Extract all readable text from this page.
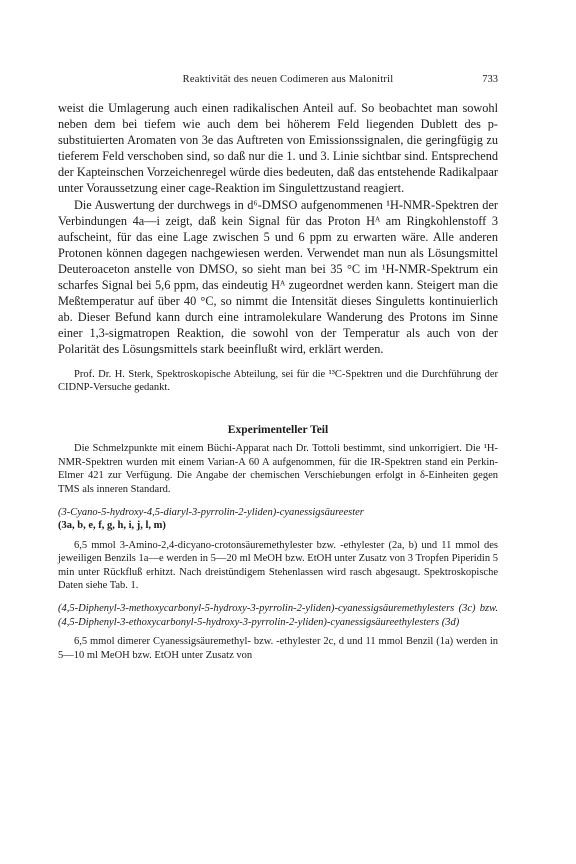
Reaktivität des neuen Codimeren aus Malonitril	733

weist die Umlagerung auch einen radikalischen Anteil auf. So beobachtet man sowohl neben dem bei tiefem wie auch dem bei höherem Feld liegenden Dublett des p-substituierten Aromaten von 3e das Auftreten von Emissionssignalen, die geringfügig zu tieferem Feld verschoben sind, so daß nur die 1. und 3. Linie sichtbar sind. Entsprechend der Kapteinschen Vorzeichenregel würde dies bedeuten, daß das entstehende Radikalpaar unter Voraussetzung einer cage-Reaktion im Singulettzustand reagiert.

Die Auswertung der durchwegs in d⁶-DMSO aufgenommenen ¹H-NMR-Spektren der Verbindungen 4a—i zeigt, daß kein Signal für das Proton Hᴬ am Ringkohlenstoff 3 aufscheint, für das eine Lage zwischen 5 und 6 ppm zu erwarten wäre. Alle anderen Protonen können dagegen nachgewiesen werden. Verwendet man nun als Lösungsmittel Deuteroaceton anstelle von DMSO, so sieht man bei 35 °C im ¹H-NMR-Spektrum ein scharfes Signal bei 5,6 ppm, das eindeutig Hᴬ zugeordnet werden kann. Steigert man die Meßtemperatur auf über 40 °C, so nimmt die Intensität dieses Singuletts kontinuierlich ab. Dieser Befund kann durch eine intramolekulare Wanderung des Protons im Sinne einer 1,3-sigmatropen Reaktion, die sowohl von der Temperatur als auch von der Polarität des Lösungsmittels stark beeinflußt wird, erklärt werden.

Prof. Dr. H. Sterk, Spektroskopische Abteilung, sei für die ¹³C-Spektren und die Durchführung der CIDNP-Versuche gedankt.

Experimenteller Teil

Die Schmelzpunkte mit einem Büchi-Apparat nach Dr. Tottoli bestimmt, sind unkorrigiert. Die ¹H-NMR-Spektren wurden mit einem Varian-A 60 A aufgenommen, für die IR-Spektren stand ein Perkin-Elmer 421 zur Verfügung. Die Angabe der chemischen Verschiebungen erfolgt in δ-Einheiten gegen TMS als inneren Standard.

(3-Cyano-5-hydroxy-4,5-diaryl-3-pyrrolin-2-yliden)-cyanessigsäureester
(3a, b, e, f, g, h, i, j, l, m)

6,5 mmol 3-Amino-2,4-dicyano-crotonsäuremethylester bzw. -ethylester (2a, b) und 11 mmol des jeweiligen Benzils 1a—e werden in 5—20 ml MeOH bzw. EtOH unter Zusatz von 3 Tropfen Piperidin 5 min unter Rückfluß erhitzt. Nach dreistündigem Stehenlassen wird rasch abgesaugt. Spektroskopische Daten siehe Tab. 1.

(4,5-Diphenyl-3-methoxycarbonyl-5-hydroxy-3-pyrrolin-2-yliden)-cyanessigsäuremethylesters (3c) bzw. (4,5-Diphenyl-3-ethoxycarbonyl-5-hydroxy-3-pyrrolin-2-yliden)-cyanessigsäureethylesters (3d)

6,5 mmol dimerer Cyanessigsäuremethyl- bzw. -ethylester 2c, d und 11 mmol Benzil (1a) werden in 5—10 ml MeOH bzw. EtOH unter Zusatz von
